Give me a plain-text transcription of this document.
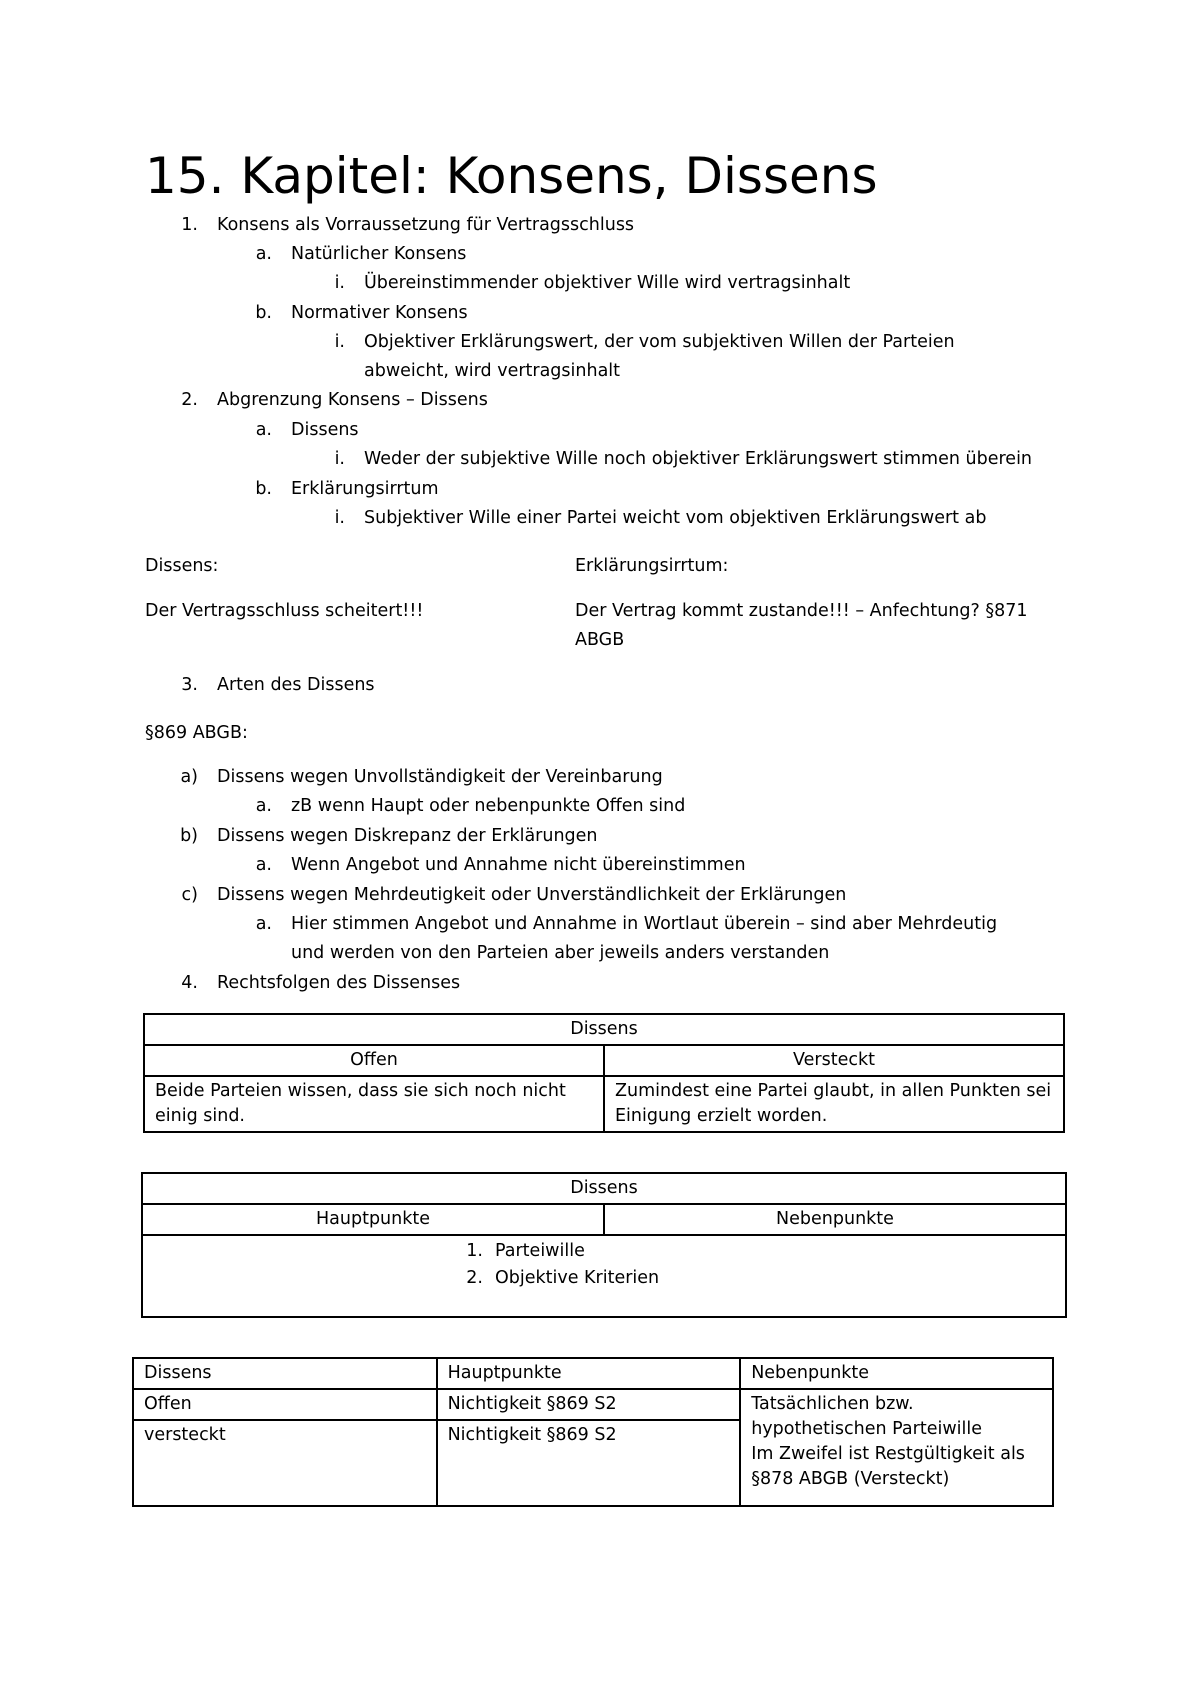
15. Kapitel: Konsens, Dissens
1. Konsens als Vorraussetzung für Vertragsschluss
a. Natürlicher Konsens
i. Übereinstimmender objektiver Wille wird vertragsinhalt
b. Normativer Konsens
i. Objektiver Erklärungswert, der vom subjektiven Willen der Parteien
abweicht, wird vertragsinhalt
2. Abgrenzung Konsens – Dissens
a. Dissens
i. Weder der subjektive Wille noch objektiver Erklärungswert stimmen überein
b. Erklärungsirrtum
i. Subjektiver Wille einer Partei weicht vom objektiven Erklärungswert ab
Dissens:	Erklärungsirrtum:
Der Vertragsschluss scheitert!!!	Der Vertrag kommt zustande!!! – Anfechtung? §871
ABGB
3. Arten des Dissens
§869 ABGB:
a) Dissens wegen Unvollständigkeit der Vereinbarung
a. zB wenn Haupt oder nebenpunkte Offen sind
b) Dissens wegen Diskrepanz der Erklärungen
a. Wenn Angebot und Annahme nicht übereinstimmen
c) Dissens wegen Mehrdeutigkeit oder Unverständlichkeit der Erklärungen
a. Hier stimmen Angebot und Annahme in Wortlaut überein – sind aber Mehrdeutig
und werden von den Parteien aber jeweils anders verstanden
4. Rechtsfolgen des Dissenses
Dissens	
Offen	Versteckt
Beide Parteien wissen, dass sie sich noch nicht einig sind.	Zumindest eine Partei glaubt, in allen Punkten sei Einigung erzielt worden.
Dissens
Hauptpunkte	Nebenpunkte

1. Parteiwille
2. Objektive Kriterien
Dissens	Hauptpunkte	Nebenpunkte
Offen	Nichtigkeit §869 S2	Tatsächlichen bzw.
hypothetischen Parteiwille
Im Zweifel ist Restgültigkeit als
§878 ABGB (Versteckt)

versteckt	Nichtigkeit §869 S2	
